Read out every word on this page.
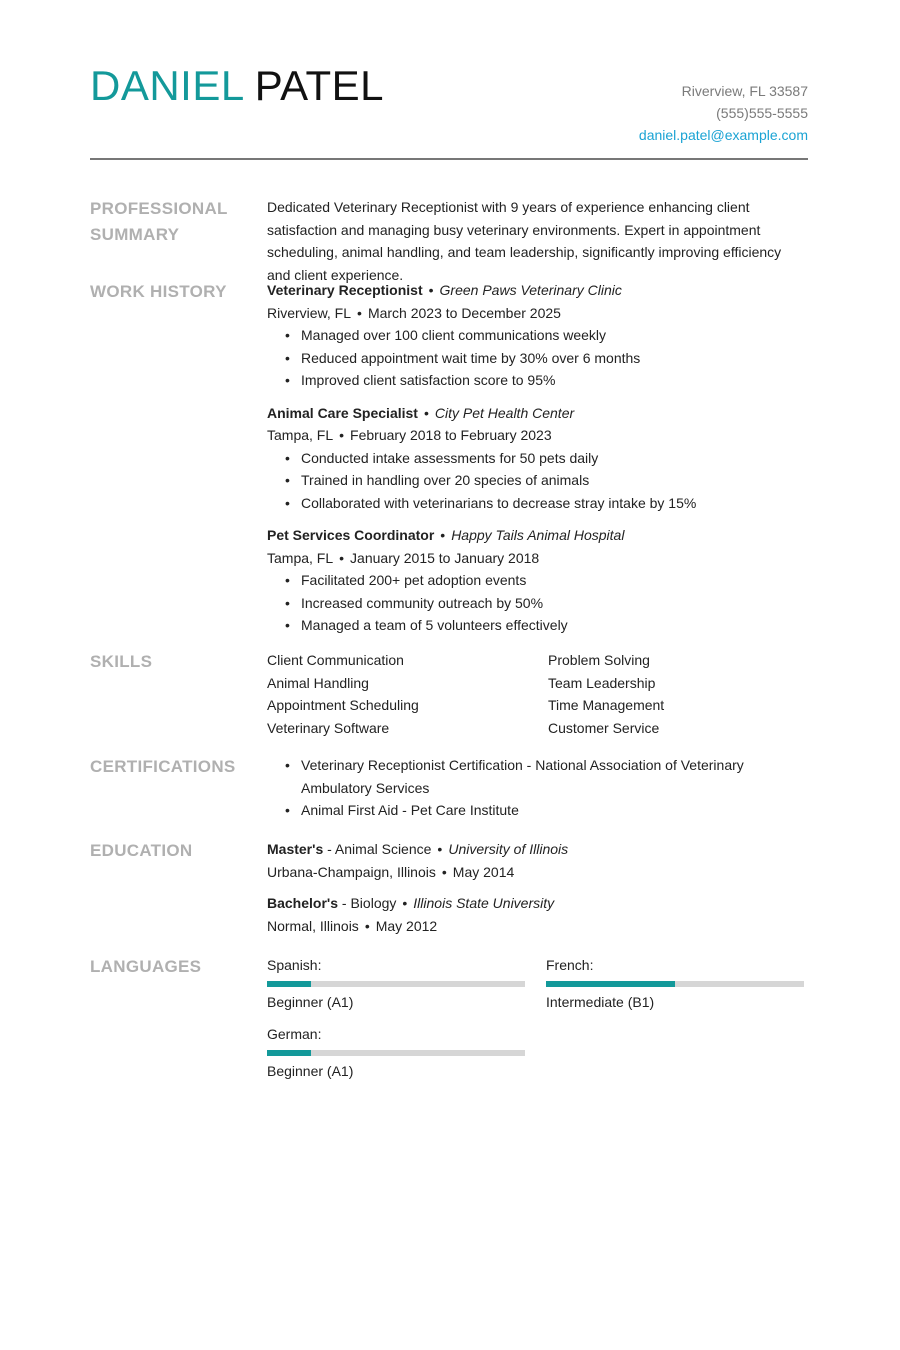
DANIEL PATEL	Riverview, FL 33587
(555)555-5555
daniel.patel@example.com
PROFESSIONAL SUMMARY
Dedicated Veterinary Receptionist with 9 years of experience enhancing client satisfaction and managing busy veterinary environments. Expert in appointment scheduling, animal handling, and team leadership, significantly improving efficiency and client experience.
WORK HISTORY	Veterinary Receptionist • Green Paws Veterinary Clinic
Riverview, FL • March 2023 to December 2025
• Managed over 100 client communications weekly
• Reduced appointment wait time by 30% over 6 months
• Improved client satisfaction score to 95%
Animal Care Specialist • City Pet Health Center
Tampa, FL • February 2018 to February 2023
• Conducted intake assessments for 50 pets daily
• Trained in handling over 20 species of animals
• Collaborated with veterinarians to decrease stray intake by 15%
Pet Services Coordinator • Happy Tails Animal Hospital
Tampa, FL • January 2015 to January 2018
• Facilitated 200+ pet adoption events
• Increased community outreach by 50%
• Managed a team of 5 volunteers effectively
SKILLS	Client Communication	Problem Solving
Animal Handling	Team Leadership
Appointment Scheduling	Time Management
Veterinary Software	Customer Service
CERTIFICATIONS
•	Veterinary Receptionist Certification - National Association of Veterinary Ambulatory Services
• Animal First Aid - Pet Care Institute
EDUCATION	Master's - Animal Science • University of Illinois
Urbana-Champaign, Illinois • May 2014
Bachelor's - Biology • Illinois State University
Normal, Illinois • May 2012
LANGUAGES	Spanish:
Beginner (A1)
French:
Intermediate (B1)
German:
Beginner (A1)
